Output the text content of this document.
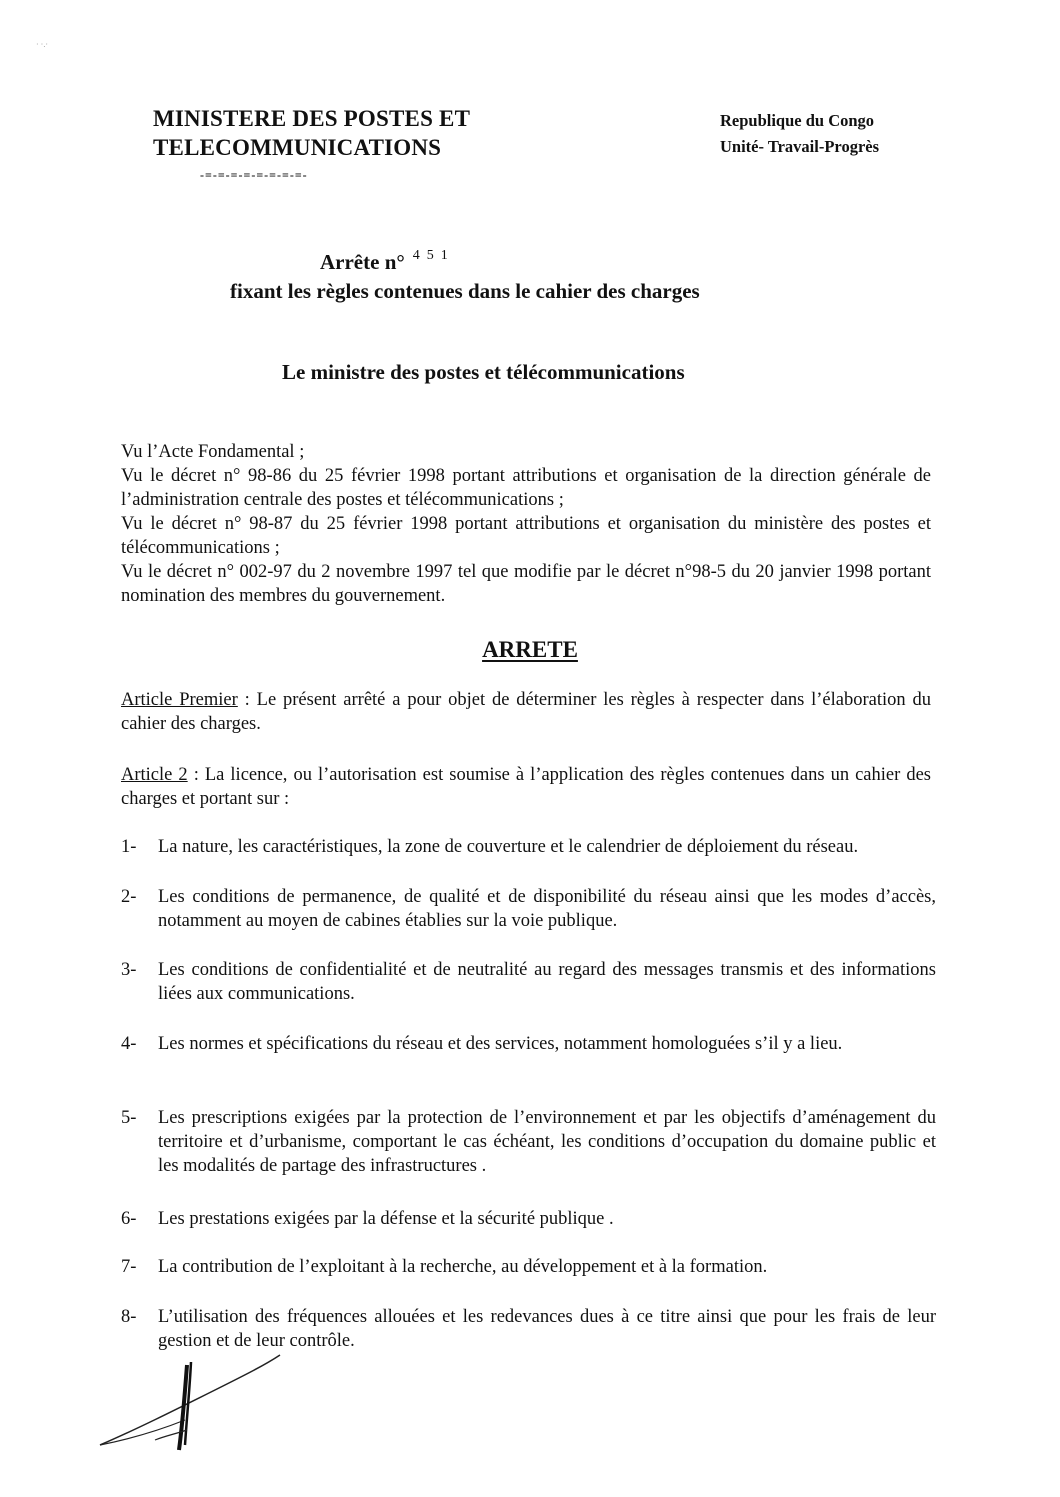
· ·.·
MINISTERE DES POSTES ET
TELECOMMUNICATIONS
-=-=-=-=-=-=-=-=-
Republique du Congo
Unité- Travail-Progrès
Arrête n° $^{451}$
fixant les règles contenues dans le cahier des charges
Le ministre des postes et télécommunications

Vu l’Acte Fondamental ;

Vu le décret n° 98-86 du 25 février 1998 portant attributions et organisation de la direction générale de l’administration centrale des postes et télécommunications ;

Vu le décret n° 98-87 du 25 février 1998 portant attributions et organisation du ministère des postes et télécommunications ;

Vu le décret n° 002-97 du 2 novembre 1997 tel que modifie par le décret n°98-5 du 20 janvier 1998 portant nomination des membres du gouvernement.

ARRETE

Article Premier : Le présent arrêté a pour objet de déterminer les règles à respecter dans l’élaboration du cahier des charges.

Article 2 : La licence, ou l’autorisation est soumise à l’application des règles contenues dans un cahier des charges et portant sur :

1-	La nature, les caractéristiques, la zone de couverture et le calendrier de déploiement du réseau.
2-	Les conditions de permanence, de qualité et de disponibilité du réseau ainsi que les modes d’accès, notamment au moyen de cabines établies sur la voie publique.
3-	Les conditions de confidentialité et de neutralité au regard des messages transmis et des informations liées aux communications.
4-	Les normes et spécifications du réseau et des services, notamment homologuées s’il y a lieu.
5-	Les prescriptions exigées par la protection de l’environnement et par les objectifs d’aménagement du territoire et d’urbanisme, comportant le cas échéant, les conditions d’occupation du domaine public et les modalités de partage des infrastructures .
6-	Les prestations exigées par la défense et la sécurité publique .
7-	La contribution de l’exploitant à la recherche, au développement et à la formation.
8-	L’utilisation des fréquences allouées et les redevances dues à ce titre ainsi que pour les frais de leur gestion et de leur contrôle.
